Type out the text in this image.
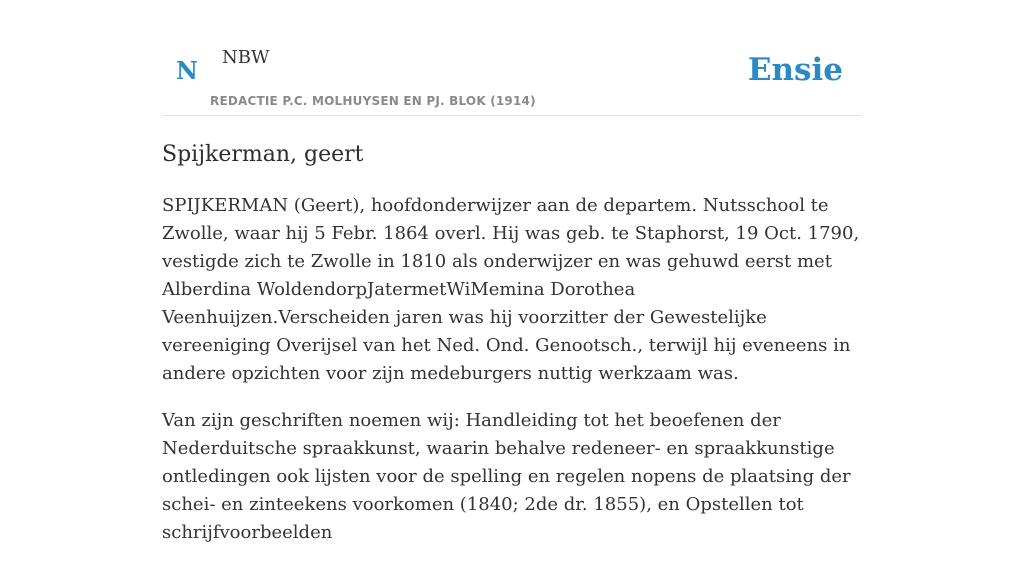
N NBW
REDACTIE P.C. MOLHUYSEN EN PJ. BLOK (1914)
Ensie
Spijkerman, geert

SPIJKERMAN (Geert), hoofdonderwijzer aan de departem. Nutsschool te Zwolle, waar hij 5 Febr. 1864 overl. Hij was geb. te Staphorst, 19 Oct. 1790, vestigde zich te Zwolle in 1810 als onderwijzer en was gehuwd eerst met Alberdina WoldendorpJatermetWiMemina Dorothea Veenhuijzen.Verscheiden jaren was hij voorzitter der Gewestelijke vereeniging Overijsel van het Ned. Ond. Genootsch., terwijl hij eveneens in andere opzichten voor zijn medeburgers nuttig werkzaam was.

Van zijn geschriften noemen wij: Handleiding tot het beoefenen der Nederduitsche spraakkunst, waarin behalve redeneer- en spraakkunstige ontledingen ook lijsten voor de spelling en regelen nopens de plaatsing der schei- en zinteekens voorkomen (1840; 2de dr. 1855), en Opstellen tot schrijfvoorbeelden
